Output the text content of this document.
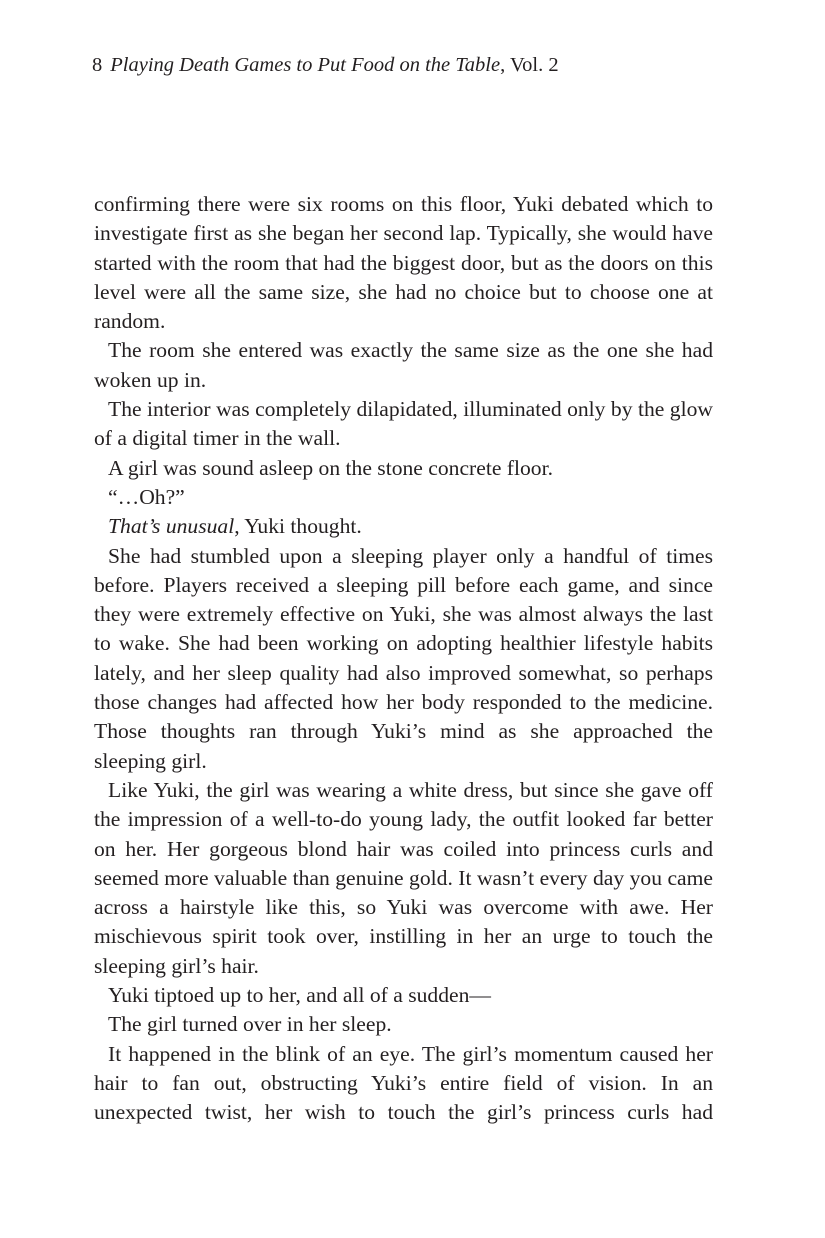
8 Playing Death Games to Put Food on the Table, Vol. 2

confirming there were six rooms on this floor, Yuki debated which to investigate first as she began her second lap. Typically, she would have started with the room that had the biggest door, but as the doors on this level were all the same size, she had no choice but to choose one at random.

The room she entered was exactly the same size as the one she had woken up in.

The interior was completely dilapidated, illuminated only by the glow of a digital timer in the wall.

A girl was sound asleep on the stone concrete floor.

“…Oh?”

That’s unusual, Yuki thought.

She had stumbled upon a sleeping player only a handful of times before. Players received a sleeping pill before each game, and since they were extremely effective on Yuki, she was almost always the last to wake. She had been working on adopting healthier lifestyle habits lately, and her sleep quality had also improved somewhat, so perhaps those changes had affected how her body responded to the medicine. Those thoughts ran through Yuki’s mind as she approached the sleeping girl.

Like Yuki, the girl was wearing a white dress, but since she gave off the impression of a well-to-do young lady, the outfit looked far better on her. Her gorgeous blond hair was coiled into princess curls and seemed more valuable than genuine gold. It wasn’t every day you came across a hairstyle like this, so Yuki was overcome with awe. Her mischievous spirit took over, instilling in her an urge to touch the sleeping girl’s hair.

Yuki tiptoed up to her, and all of a sudden—

The girl turned over in her sleep.

It happened in the blink of an eye. The girl’s momentum caused her hair to fan out, obstructing Yuki’s entire field of vision. In an unexpected twist, her wish to touch the girl’s princess curls had
